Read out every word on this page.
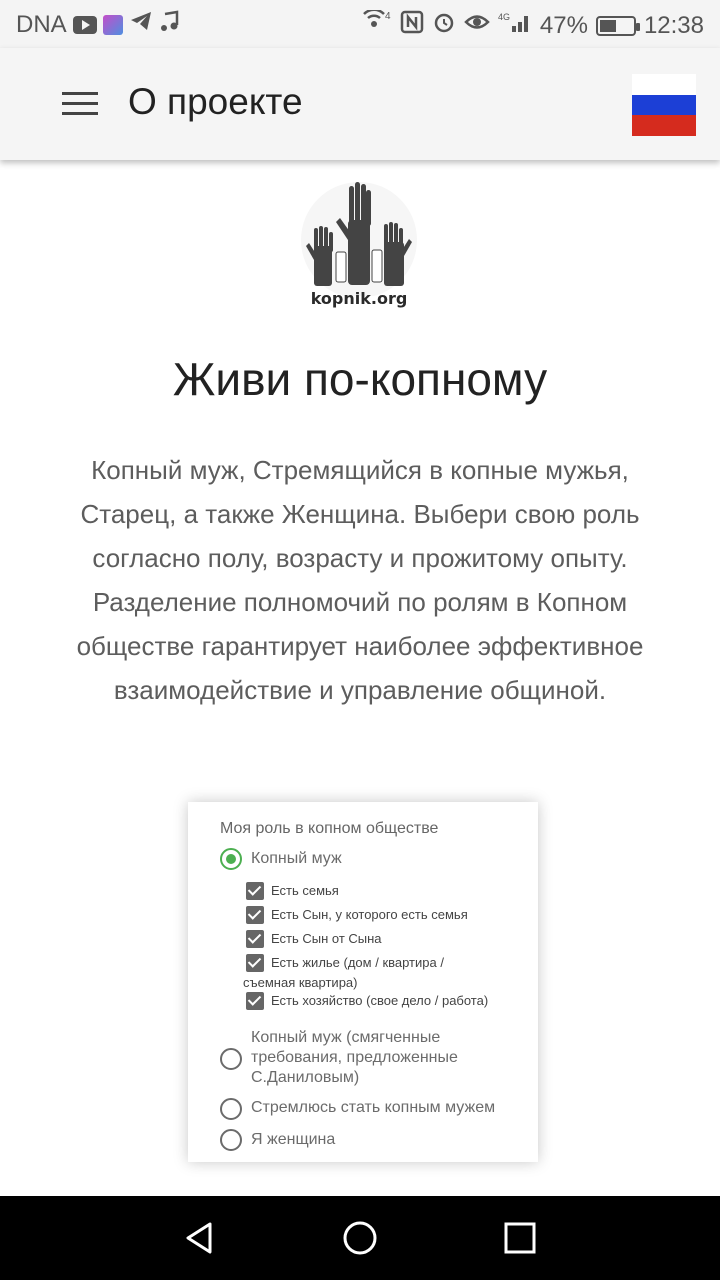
DNA	4	4G 47% 12:38
О проекте
kopnik.org
Живи по-копному

Копный муж, Стремящийся в копные мужья, Старец, а также Женщина. Выбери свою роль согласно полу, возрасту и прожитому опыту. Разделение полномочий по ролям в Копном обществе гарантирует наиболее эффективное взаимодействие и управление общиной.

Моя роль в копном обществе
Копный муж
Есть семья
Есть Сын, у которого есть семья
Есть Сын от Сына
Есть жилье (дом / квартира /
съемная квартира)
Есть хозяйство (свое дело / работа)
Копный муж (смягченные
требования, предложенные
С.Даниловым)
Стремлюсь стать копным мужем
Я женщина
